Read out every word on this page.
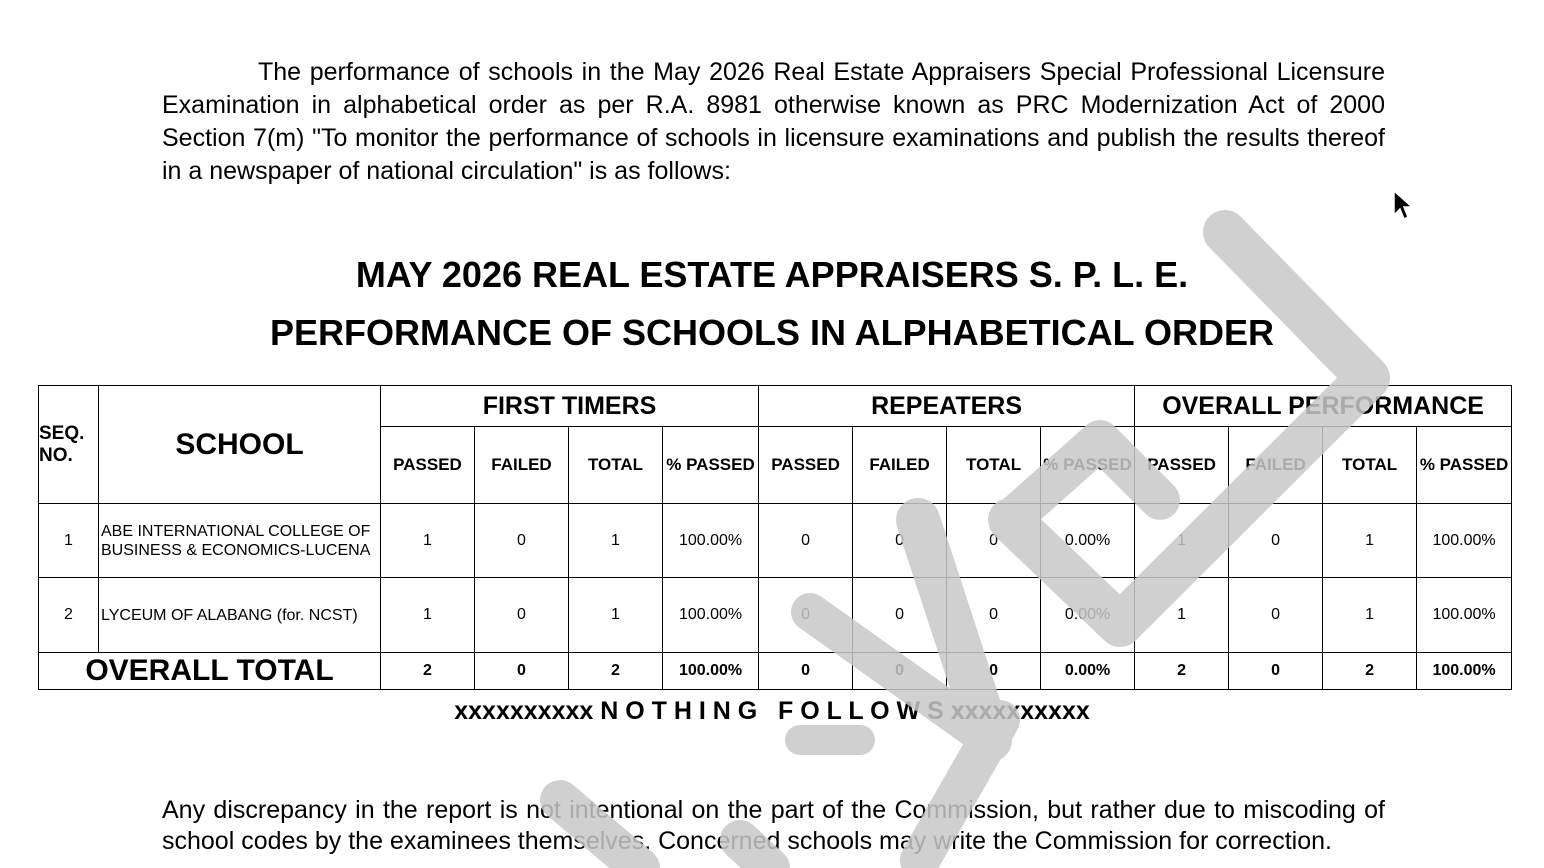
The performance of schools in the May 2026 Real Estate Appraisers Special Professional Licensure Examination in alphabetical order as per R.A. 8981 otherwise known as PRC Modernization Act of 2000 Section 7(m) "To monitor the performance of schools in licensure examinations and publish the results thereof in a newspaper of national circulation" is as follows:

MAY 2026 REAL ESTATE APPRAISERS S. P. L. E.
PERFORMANCE OF SCHOOLS IN ALPHABETICAL ORDER
SEQ. NO.	SCHOOL	FIRST TIMERS				REPEATERS				OVERALL PERFORMANCE			
		PASSED	FAILED	TOTAL	% PASSED	PASSED	FAILED	TOTAL	% PASSED	PASSED	FAILED	TOTAL	% PASSED
1	ABE INTERNATIONAL COLLEGE OF BUSINESS & ECONOMICS-LUCENA	1	0	1	100.00%	0	0	0	0.00%	1	0	1	100.00%
2	LYCEUM OF ALABANG (for. NCST)	1	0	1	100.00%	0	0	0	0.00%	1	0	1	100.00%
OVERALL TOTAL		2	0	2	100.00%	0	0	0	0.00%	2	0	2	100.00%

xxxxxxxxxx N O T H I N G   F O L L O W S xxxxxxxxxx

Any discrepancy in the report is not intentional on the part of the Commission, but rather due to miscoding of school codes by the examinees themselves. Concerned schools may write the Commission for correction.
